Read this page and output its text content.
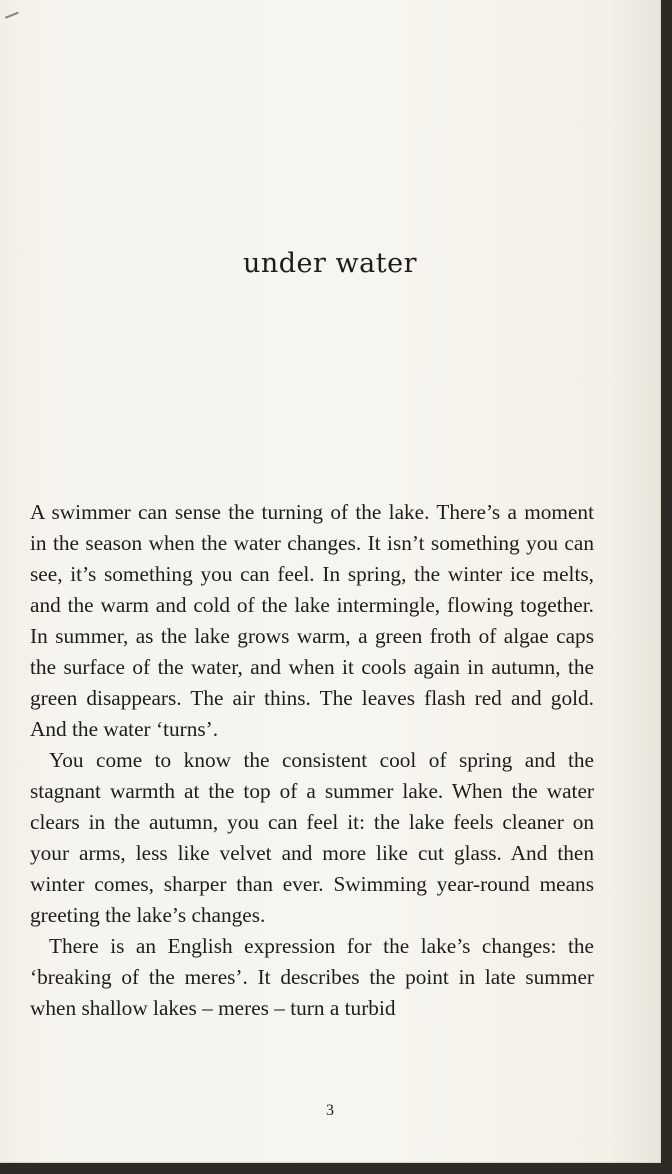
under water

A swimmer can sense the turning of the lake. There’s a moment in the season when the water changes. It isn’t something you can see, it’s something you can feel. In spring, the winter ice melts, and the warm and cold of the lake intermingle, flowing together. In summer, as the lake grows warm, a green froth of algae caps the surface of the water, and when it cools again in autumn, the green disappears. The air thins. The leaves flash red and gold. And the water ‘turns’.

You come to know the consistent cool of spring and the stagnant warmth at the top of a summer lake. When the water clears in the autumn, you can feel it: the lake feels cleaner on your arms, less like velvet and more like cut glass. And then winter comes, sharper than ever. Swimming year-round means greeting the lake’s changes.

There is an English expression for the lake’s changes: the ‘breaking of the meres’. It describes the point in late summer when shallow lakes – meres – turn a turbid

3
